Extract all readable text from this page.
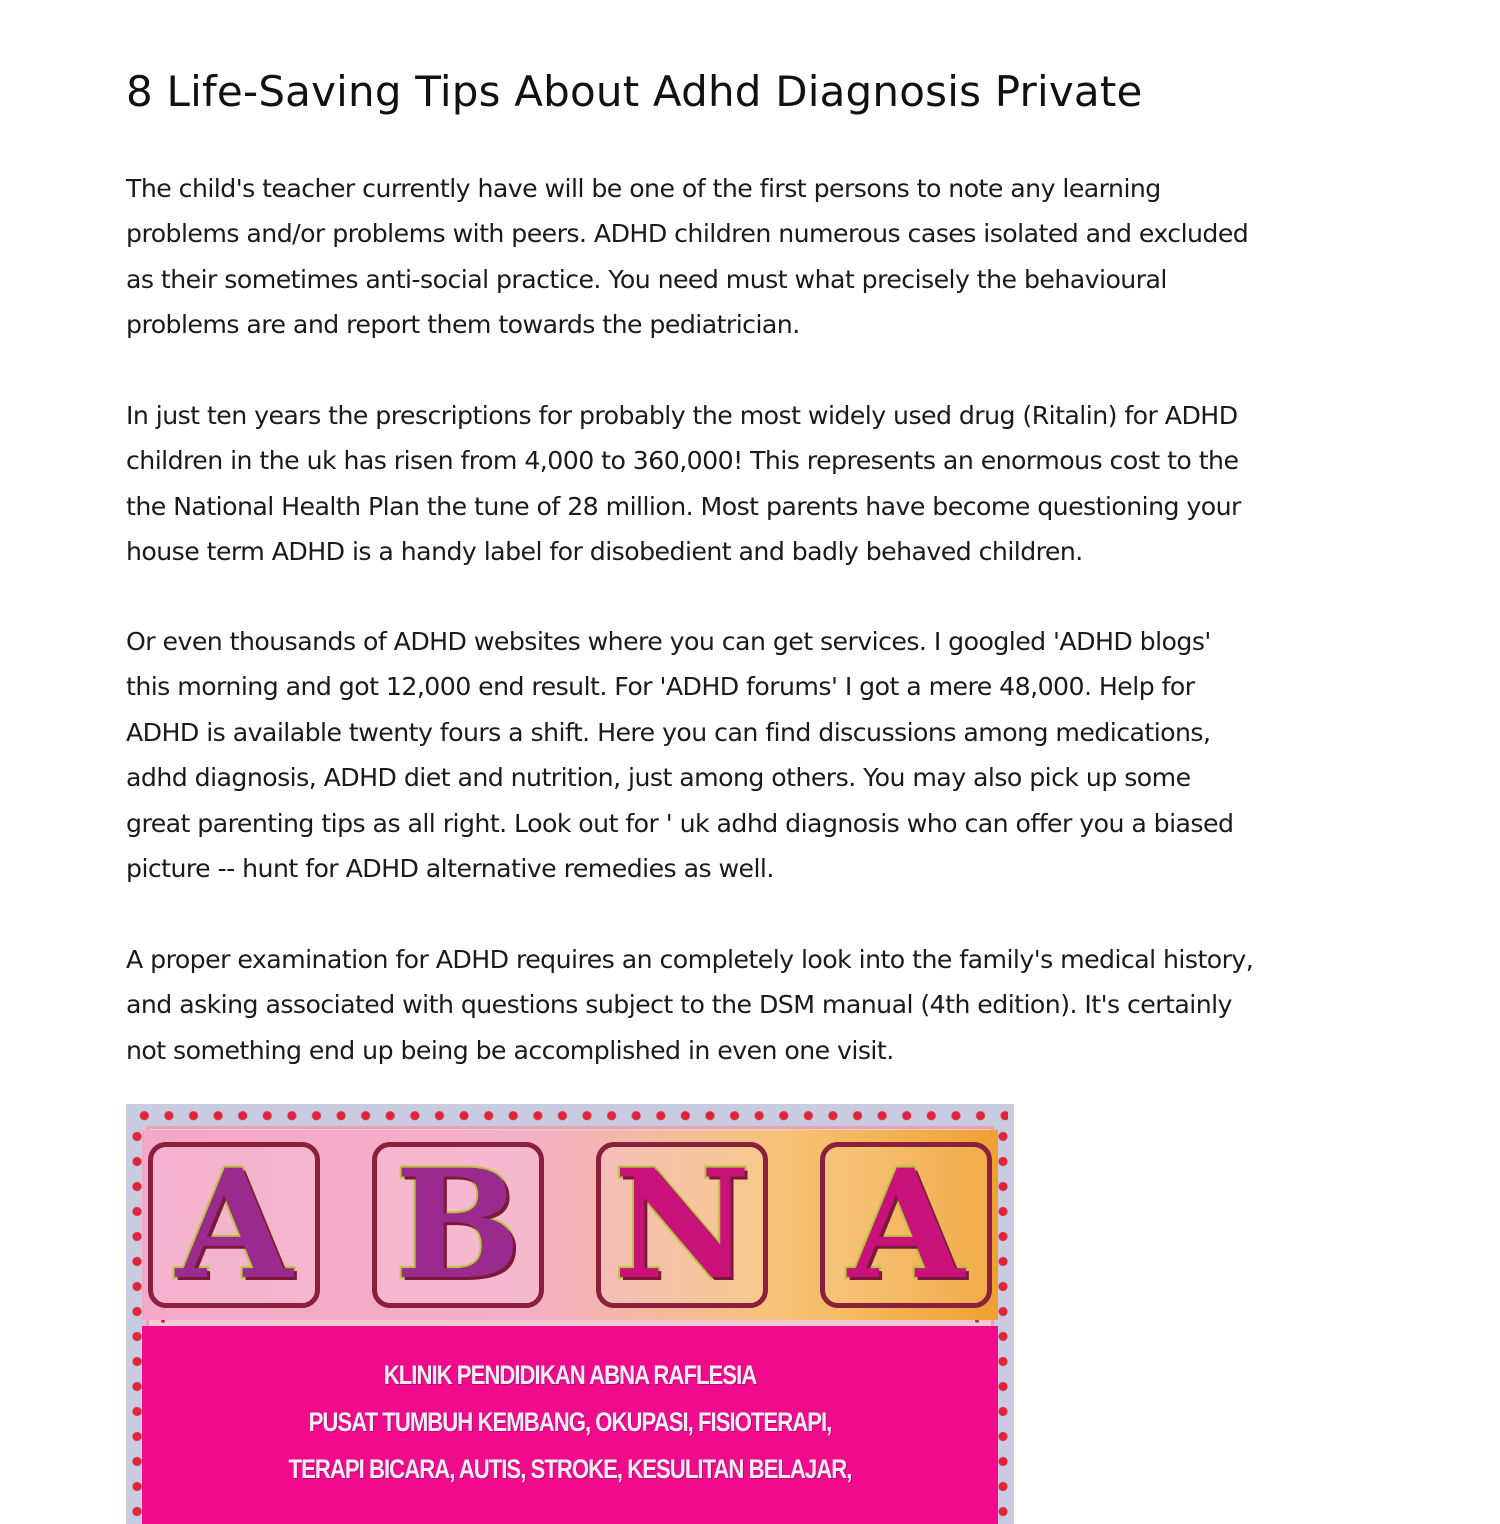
8 Life-Saving Tips About Adhd Diagnosis Private

The child's teacher currently have will be one of the first persons to note any learning
problems and/or problems with peers. ADHD children numerous cases isolated and excluded
as their sometimes anti-social practice. You need must what precisely the behavioural
problems are and report them towards the pediatrician.

In just ten years the prescriptions for probably the most widely used drug (Ritalin) for ADHD
children in the uk has risen from 4,000 to 360,000! This represents an enormous cost to the
the National Health Plan the tune of 28 million. Most parents have become questioning your
house term ADHD is a handy label for disobedient and badly behaved children.

Or even thousands of ADHD websites where you can get services. I googled 'ADHD blogs'
this morning and got 12,000 end result. For 'ADHD forums' I got a mere 48,000. Help for
ADHD is available twenty fours a shift. Here you can find discussions among medications,
adhd diagnosis, ADHD diet and nutrition, just among others. You may also pick up some
great parenting tips as all right. Look out for ' uk adhd diagnosis who can offer you a biased
picture -- hunt for ADHD alternative remedies as well.

A proper examination for ADHD requires an completely look into the family's medical history,
and asking associated with questions subject to the DSM manual (4th edition). It's certainly
not something end up being be accomplished in even one visit.

A B N A
KLINIK PENDIDIKAN ABNA RAFLESIA
PUSAT TUMBUH KEMBANG, OKUPASI, FISIOTERAPI,
TERAPI BICARA, AUTIS, STROKE, KESULITAN BELAJAR,
